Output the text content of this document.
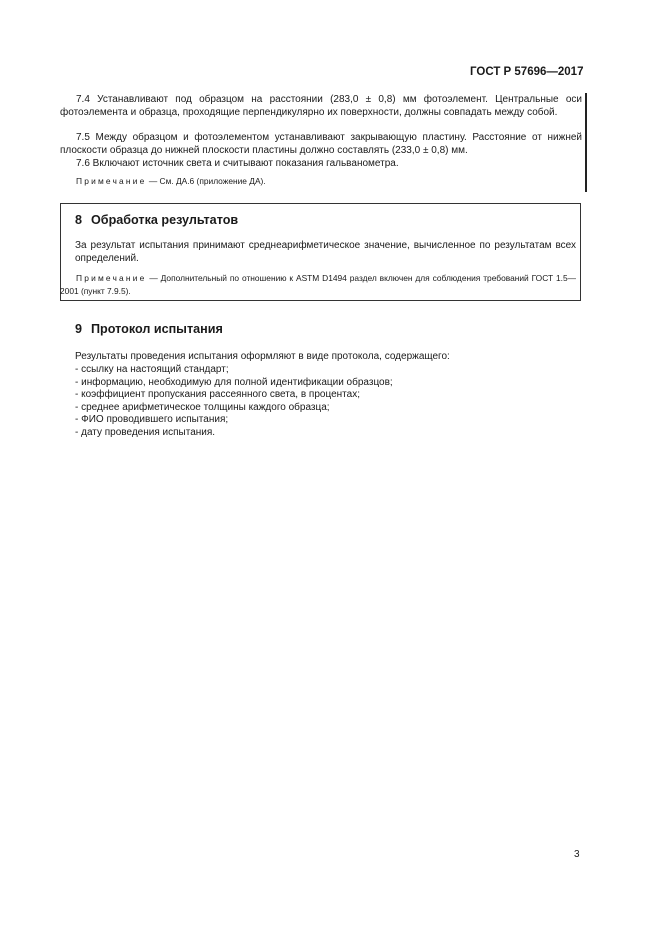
ГОСТ Р 57696—2017

7.4 Устанавливают под образцом на расстоянии (283,0 ± 0,8) мм фотоэлемент. Центральные оси фотоэлемента и образца, проходящие перпендикулярно их поверхности, должны совпадать между собой.

7.5 Между образцом и фотоэлементом устанавливают закрывающую пластину. Расстояние от нижней плоскости образца до нижней плоскости пластины должно составлять (233,0 ± 0,8) мм.

7.6 Включают источник света и считывают показания гальванометра.

Примечание — См. ДА.6 (приложение ДА).

8 Обработка результатов

За результат испытания принимают среднеарифметическое значение, вычисленное по результатам всех определений.

Примечание — Дополнительный по отношению к ASTM D1494 раздел включен для соблюдения требований ГОСТ 1.5—2001 (пункт 7.9.5).

9 Протокол испытания

Результаты проведения испытания оформляют в виде протокола, содержащего:

- ссылку на настоящий стандарт;
- информацию, необходимую для полной идентификации образцов;
- коэффициент пропускания рассеянного света, в процентах;
- среднее арифметическое толщины каждого образца;
- ФИО проводившего испытания;
- дату проведения испытания.
3
